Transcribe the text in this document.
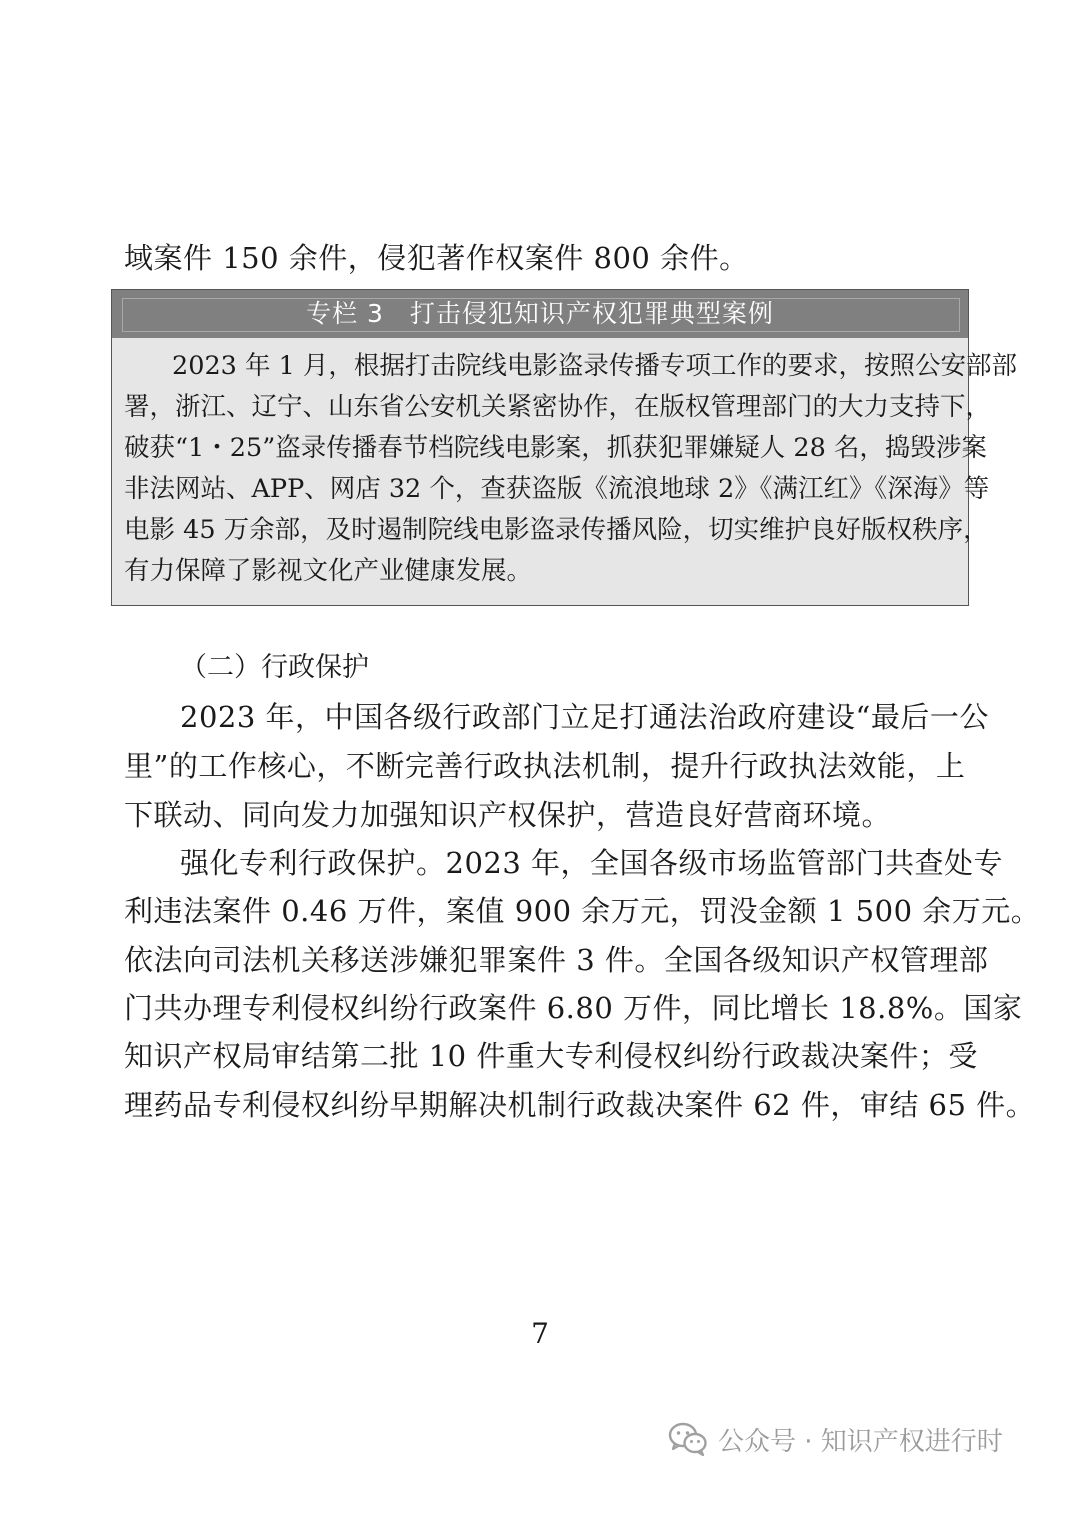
域案件 150 余件，侵犯著作权案件 800 余件。
专栏 3　打击侵犯知识产权犯罪典型案例
2023 年 1 月，根据打击院线电影盗录传播专项工作的要求，按照公安部部
署，浙江、辽宁、山东省公安机关紧密协作，在版权管理部门的大力支持下，
破获“1・25”盗录传播春节档院线电影案，抓获犯罪嫌疑人 28 名，捣毁涉案
非法网站、APP、网店 32 个，查获盗版《流浪地球 2》《满江红》《深海》等
电影 45 万余部，及时遏制院线电影盗录传播风险，切实维护良好版权秩序，
有力保障了影视文化产业健康发展。
（二）行政保护
2023 年，中国各级行政部门立足打通法治政府建设“最后一公
里”的工作核心，不断完善行政执法机制，提升行政执法效能，上
下联动、同向发力加强知识产权保护，营造良好营商环境。
强化专利行政保护。2023 年，全国各级市场监管部门共查处专
利违法案件 0.46 万件，案值 900 余万元，罚没金额 1 500 余万元。
依法向司法机关移送涉嫌犯罪案件 3 件。全国各级知识产权管理部
门共办理专利侵权纠纷行政案件 6.80 万件，同比增长 18.8%。国家
知识产权局审结第二批 10 件重大专利侵权纠纷行政裁决案件；受
理药品专利侵权纠纷早期解决机制行政裁决案件 62 件，审结 65 件。
7
公众号 · 知识产权进行时
